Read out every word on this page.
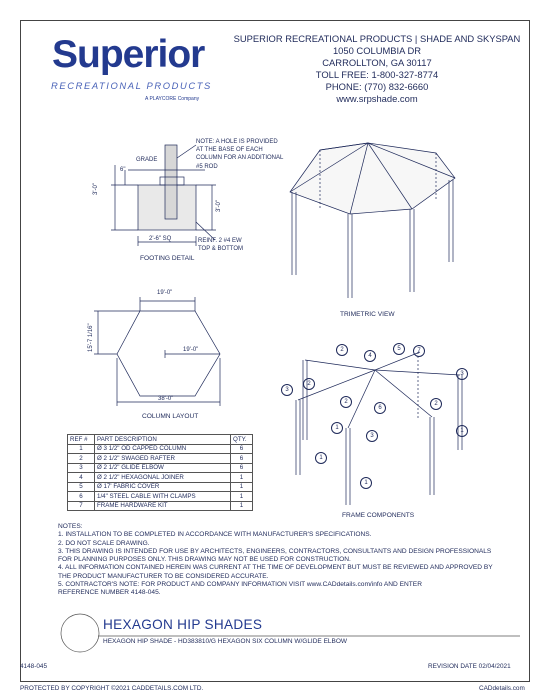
Superior
RECREATIONAL PRODUCTS
A PLAYCORE Company
SUPERIOR RECREATIONAL PRODUCTS | SHADE AND SKYSPAN
1050 COLUMBIA DR
CARROLLTON, GA 30117
TOLL FREE: 1-800-327-8774
PHONE: (770) 832-6660
www.srpshade.com
3'-0"
3'-0"
GRADE
6"
2'-6" SQ
NOTE: A HOLE IS PROVIDED
AT THE BASE OF EACH
COLUMN FOR AN ADDITIONAL
#5 ROD
REINF. 2 #4 EW
TOP & BOTTOM
FOOTING DETAIL
TRIMETRIC VIEW
15'-7 1/16"
19'-0"
19'-0"
38'-0"
COLUMN LAYOUT
2
4
5	7
3
2
3
2
6
2
1
3
1
1
1
FRAME COMPONENTS
REF #	PART DESCRIPTION	QTY.
1	Ø 3 1/2" OD CAPPED COLUMN	6
2	Ø 2 1/2" SWAGED RAFTER	6
3	Ø 2 1/2" GLIDE ELBOW	6
4	Ø 2 1/2" HEXAGONAL JOINER	1
5	Ø 17' FABRIC COVER	1
6	1/4" STEEL CABLE WITH CLAMPS	1
7	FRAME HARDWARE KIT	1
NOTES:
1. INSTALLATION TO BE COMPLETED IN ACCORDANCE WITH MANUFACTURER'S SPECIFICATIONS.
2. DO NOT SCALE DRAWING.
3. THIS DRAWING IS INTENDED FOR USE BY ARCHITECTS, ENGINEERS, CONTRACTORS, CONSULTANTS AND DESIGN PROFESSIONALS
FOR PLANNING PURPOSES ONLY. THIS DRAWING MAY NOT BE USED FOR CONSTRUCTION.
4. ALL INFORMATION CONTAINED HEREIN WAS CURRENT AT THE TIME OF DEVELOPMENT BUT MUST BE REVIEWED AND APPROVED BY
THE PRODUCT MANUFACTURER TO BE CONSIDERED ACCURATE.
5. CONTRACTOR'S NOTE: FOR PRODUCT AND COMPANY INFORMATION VISIT www.CADdetails.com/info AND ENTER
REFERENCE NUMBER 4148-045.
HEXAGON HIP SHADES
HEXAGON HIP SHADE - HD383810/G HEXAGON SIX COLUMN W/GLIDE ELBOW
4148-045	REVISION DATE 02/04/2021
PROTECTED BY COPYRIGHT ©2021 CADDETAILS.COM LTD.	CADdetails.com
